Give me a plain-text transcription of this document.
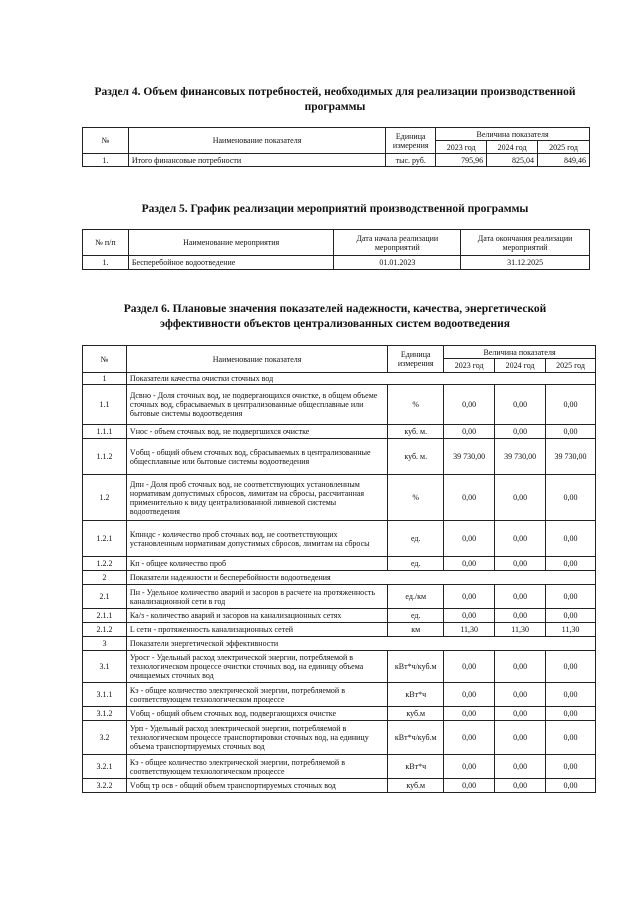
Раздел 4. Объем финансовых потребностей, необходимых для реализации производственной программы
№	Наименование показателя	Единица измерения	Величина показателя		
			2023 год	2024 год	2025 год
1.	Итого финансовые потребности	тыс. руб.	795,96	825,04	849,46
Раздел 5. График реализации мероприятий производственной программы
№ п/п	Наименование мероприятия	Дата начала реализации мероприятий	Дата окончания реализации мероприятий
1.	Бесперебойное водоотведение	01.01.2023	31.12.2025
Раздел 6. Плановые значения показателей надежности, качества, энергетической эффективности объектов централизованных систем водоотведения
№	Наименование показателя	Единица измерения	Величина показателя		
			2023 год	2024 год	2025 год
1	Показатели качества очистки сточных вод				
1.1	Дсвно - Доля сточных вод, не подвергающихся очистке, в общем объеме сточных вод, сбрасываемых в централизованные общесплавные или бытовые системы водоотведения	%	0,00	0,00	0,00
1.1.1	Vнос - объем сточных вод, не подвергшихся очистке	куб. м.	0,00	0,00	0,00
1.1.2	Vобщ - общий объем сточных вод, сбрасываемых в централизованные общесплавные или бытовые системы водоотведения	куб. м.	39 730,00	39 730,00	39 730,00
1.2	Дпн - Доля проб сточных вод, не соответствующих установленным нормативам допустимых сбросов, лимитам на сбросы, рассчитанная применительно к виду централизованной ливневой системы водоотведения	%	0,00	0,00	0,00
1.2.1	Кпнндс - количество проб сточных вод, не соответствующих установленным нормативам допустимых сбросов, лимитам на сбросы	ед.	0,00	0,00	0,00
1.2.2	Кп - общее количество проб	ед.	0,00	0,00	0,00
2	Показатели надежности и бесперебойности водоотведения				
2.1	Пн - Удельное количество аварий и засоров в расчете на протяженность канализационной сети в год	ед./км	0,00	0,00	0,00
2.1.1	Ка/з - количество аварий и засоров на канализационных сетях	ед.	0,00	0,00	0,00
2.1.2	L сети - протяженность канализационных сетей	км	11,30	11,30	11,30
3	Показатели энергетической эффективности				
3.1	Уросг - Удельный расход электрической энергии, потребляемой в технологическом процессе очистки сточных вод, на единицу объема очищаемых сточных вод	кВт*ч/куб.м	0,00	0,00	0,00
3.1.1	Кэ - общее количество электрической энергии, потребляемой в соответствующем технологическом процессе	кВт*ч	0,00	0,00	0,00
3.1.2	Vобщ - общий объем сточных вод, подвергающихся очистке	куб.м	0,00	0,00	0,00
3.2	Урп - Удельный расход электрической энергии, потребляемой в технологическом процессе транспортировки сточных вод, на единицу объема транспортируемых сточных вод	кВт*ч/куб.м	0,00	0,00	0,00
3.2.1	Кэ - общее количество электрической энергии, потребляемой в соответствующем технологическом процессе	кВт*ч	0,00	0,00	0,00
3.2.2	Vобщ тр осв - общий объем транспортируемых сточных вод	куб.м	0,00	0,00	0,00
